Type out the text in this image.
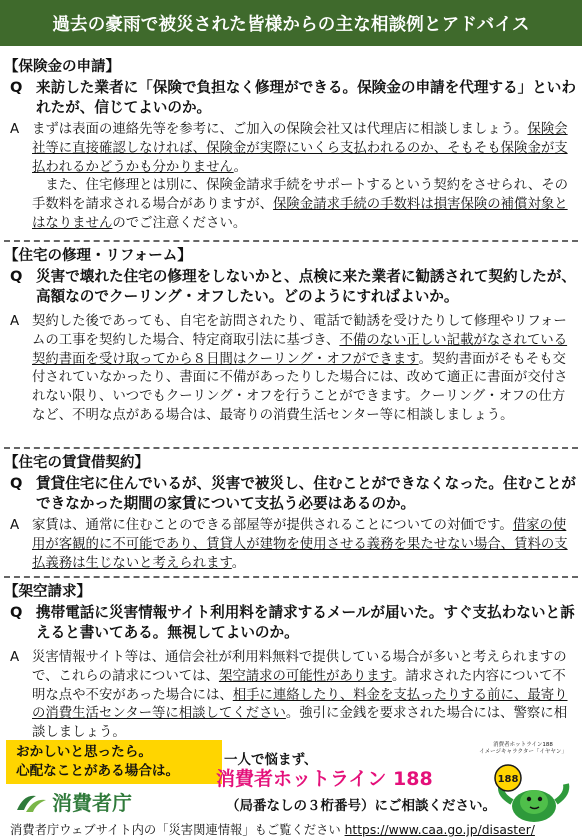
過去の豪雨で被災された皆様からの主な相談例とアドバイス
【保険金の申請】
Q 来訪した業者に「保険で負担なく修理ができる。保険金の申請を代理する」といわれたが、信じてよいのか。
A まずは表面の連絡先等を参考に、ご加入の保険会社又は代理店に相談しましょう。保険会社等に直接確認しなければ、保険金が実際にいくら支払われるのか、そもそも保険金が支払われるかどうかも分かりません。
　また、住宅修理とは別に、保険金請求手続をサポートするという契約をさせられ、その手数料を請求される場合がありますが、保険金請求手続の手数料は損害保険の補償対象とはなりませんのでご注意ください。
【住宅の修理・リフォーム】
Q 災害で壊れた住宅の修理をしないかと、点検に来た業者に勧誘されて契約したが、高額なのでクーリング・オフしたい。どのようにすればよいか。
A 契約した後であっても、自宅を訪問されたり、電話で勧誘を受けたりして修理やリフォームの工事を契約した場合、特定商取引法に基づき、不備のない正しい記載がなされている契約書面を受け取ってから８日間はクーリング・オフができます。契約書面がそもそも交付されていなかったり、書面に不備があったりした場合には、改めて適正に書面が交付されない限り、いつでもクーリング・オフを行うことができます。クーリング・オフの仕方など、不明な点がある場合は、最寄りの消費生活センター等に相談しましょう。
【住宅の賃貸借契約】
Q 賃貸住宅に住んでいるが、災害で被災し、住むことができなくなった。住むことができなかった期間の家賃について支払う必要はあるのか。
A 家賃は、通常に住むことのできる部屋等が提供されることについての対価です。借家の使用が客観的に不可能であり、賃貸人が建物を使用させる義務を果たせない場合、賃料の支払義務は生じないと考えられます。
【架空請求】
Q 携帯電話に災害情報サイト利用料を請求するメールが届いた。すぐ支払わないと訴えると書いてある。無視してよいのか。
A 災害情報サイト等は、通信会社が利用料無料で提供している場合が多いと考えられますので、これらの請求については、架空請求の可能性があります。請求された内容について不明な点や不安があった場合には、相手に連絡したり、料金を支払ったりする前に、最寄りの消費生活センター等に相談してください。強引に金銭を要求された場合には、警察に相談しましょう。
おかしいと思ったら。
心配なことがある場合は。
消費者庁
一人で悩まず、
消費者ホットライン 188
（局番なしの３桁番号）にご相談ください。
消費者ホットライン188
イメージキャラクター「イヤヤン」
188
消費者庁ウェブサイト内の「災害関連情報」もご覧ください https://www.caa.go.jp/disaster/
